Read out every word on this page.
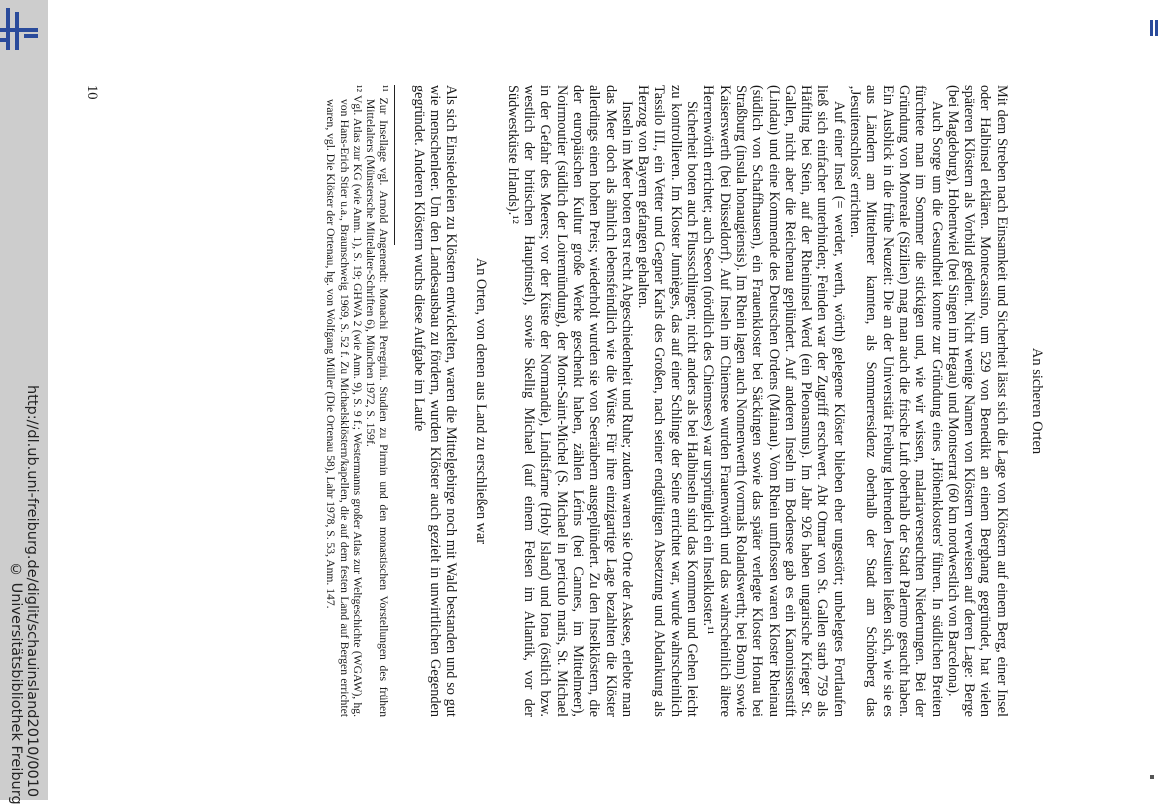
http://dl.ub.uni-freiburg.de/diglit/schauinsland2010/0010
© Universitätsbibliothek Freiburg
An sicheren Orten

Mit dem Streben nach Einsamkeit und Sicherheit lässt sich die Lage von Klöstern auf einem Berg, einer Insel oder Halbinsel erklären. Montecassino, um 529 von Benedikt an einem Berghang gegründet, hat vielen späteren Klöstern als Vorbild gedient. Nicht wenige Namen von Klöstern verweisen auf deren Lage: Berge (bei Magdeburg), Hohentwiel (bei Singen im Hegau) und Montserrat (60 km nordwestlich von Barcelona).

Auch Sorge um die Gesundheit konnte zur Gründung eines ‚Höhenklosters' führen. In südlichen Breiten fürchtete man im Sommer die stickigen und, wie wir wissen, malariaverseuchten Niederungen. Bei der Gründung von Monreale (Sizilien) mag man auch die frische Luft oberhalb der Stadt Palermo gesucht haben. Ein Ausblick in die frühe Neuzeit: Die an der Universität Freiburg lehrenden Jesuiten ließen sich, wie sie es aus Ländern am Mittelmeer kannten, als Sommerresidenz oberhalb der Stadt am Schönberg das ‚Jesuitenschloss' errichten.

Auf einer Insel (= werder, werth, wörth) gelegene Klöster blieben eher ungestört; unbelegtes Fortlaufen ließ sich einfacher unterbinden; Feinden war der Zugriff erschwert. Abt Otmar von St. Gallen starb 759 als Häftling bei Stein, auf der Rheininsel Werd (ein Pleonasmus). Im Jahr 926 haben ungarische Krieger St. Gallen, nicht aber die Reichenau geplündert. Auf anderen Inseln im Bodensee gab es ein Kanonissenstift (Lindau) und eine Kommende des Deutschen Ordens (Mainau). Vom Rhein umflossen waren Kloster Rheinau (südlich von Schaffhausen), ein Frauenkloster bei Säckingen sowie das später verlegte Kloster Honau bei Straßburg (insula honaugiensis). Im Rhein lagen auch Nonnenwerth (vormals Rolandswerth; bei Bonn) sowie Kaiserswerth (bei Düsseldorf). Auf Inseln im Chiemsee wurden Frauenwörth und das wahrscheinlich ältere Herrenwörth errichtet; auch Seeon (nördlich des Chiemsees) war ursprünglich ein Inselkloster.¹¹

Sicherheit boten auch Flussschlingen; nicht anders als bei Halbinseln sind das Kommen und Gehen leicht zu kontrollieren. Im Kloster Jumièges, das auf einer Schlinge der Seine errichtet war, wurde wahrscheinlich Tassilo III., ein Vetter und Gegner Karls des Großen, nach seiner endgültigen Absetzung und Abdankung als Herzog von Bayern gefangen gehalten.

Inseln im Meer boten erst recht Abgeschiedenheit und Ruhe; zudem waren sie Orte der Askese, erlebte man das Meer doch als ähnlich lebensfeindlich wie die Wüste. Für ihre einzigartige Lage bezahlten die Klöster allerdings einen hohen Preis; wiederholt wurden sie von Seeräubern ausgeplündert. Zu den Inselklöstern, die der europäischen Kultur große Werke geschenkt haben, zählen Lérins (bei Cannes, im Mittelmeer), Noirmoutier (südlich der Loiremündung), der Mont-Saint-Michel (S. Michael in periculo maris, St. Michael in der Gefahr des Meeres; vor der Küste der Normandie), Lindisfarne (Holy Island) und Iona (östlich bzw. westlich der britischen Hauptinsel), sowie Skellig Michael (auf einem Felsen im Atlantik, vor der Südwestküste Irlands).¹²

An Orten, von denen aus Land zu erschließen war

Als sich Einsiedeleien zu Klöstern entwickelten, waren die Mittelgebirge noch mit Wald bestanden und so gut wie menschenleer. Um den Landesausbau zu fördern, wurden Klöster auch gezielt in unwirtlichen Gegenden gegründet. Anderen Klöstern wuchs diese Aufgabe im Laufe

¹¹ Zur Insellage vgl. Arnold Angenendt: Monachi Peregrini. Studien zu Pirmin und den monastischen Vorstellungen des frühen Mittelalters (Münstersche Mittelalter-Schriften 6), München 1972, S. 159f.

¹² Vgl. Atlas zur KG (wie Anm. 1), S. 19; GHWA 2 (wie Anm. 9), S. 9 f.; Westermanns großer Atlas zur Weltgeschichte (WGAW), hg. von Hans-Erich Stier u.a., Braunschweig 1969, S. 52 f. Zu Michaelsklöstern/kapellen, die auf dem festen Land auf Bergen errichtet waren, vgl. Die Klöster der Ortenau, hg. von Wolfgang Müller (Die Ortenau 58), Lahr 1978, S. 53, Anm. 147.

10
